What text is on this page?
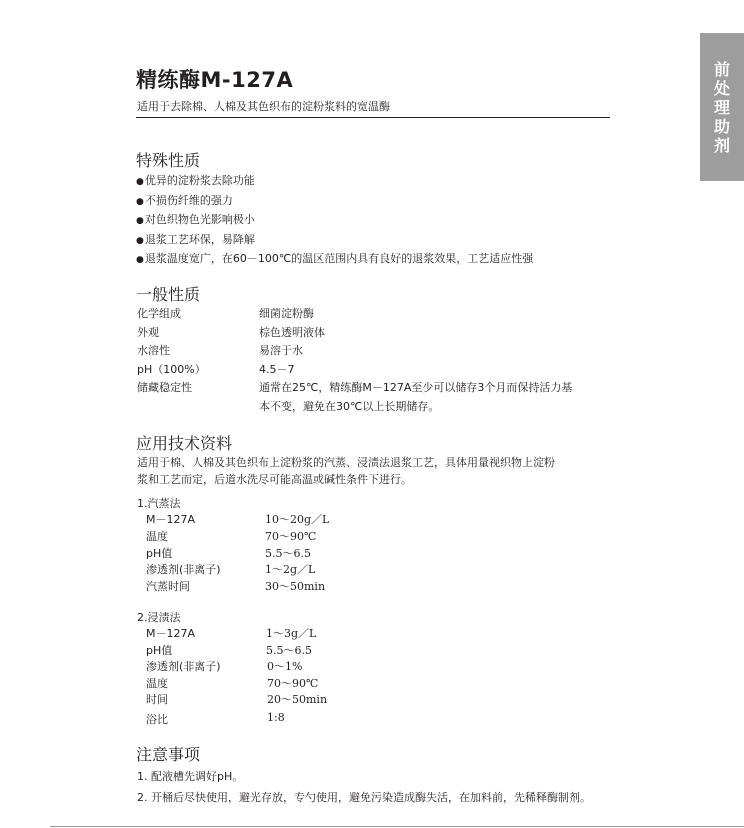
前
处
理
助
剂
精练酶M-127A
适用于去除棉、人棉及其色织布的淀粉浆料的宽温酶
特殊性质
● 优异的淀粉浆去除功能
● 不损伤纤维的强力
● 对色织物色光影响极小
● 退浆工艺环保，易降解
● 退浆温度宽广，在60－100℃的温区范围内具有良好的退浆效果，工艺适应性强
一般性质
化学组成	细菌淀粉酶
外观	棕色透明液体
水溶性	易溶于水
pH（100%）	4.5－7
储藏稳定性	通常在25℃，精练酶M－127A至少可以储存3个月而保持活力基
本不变，避免在30℃以上长期储存。
应用技术资料
适用于棉、人棉及其色织布上淀粉浆的汽蒸、浸渍法退浆工艺，具体用量视织物上淀粉
浆和工艺而定，后道水洗尽可能高温或碱性条件下进行。
1.汽蒸法
M－127A	10～20g／L
温度	70～90℃
pH值	5.5～6.5
渗透剂(非离子)	1～2g／L
汽蒸时间	30～50min
2.浸渍法
M－127A	1～3g／L
pH值	5.5～6.5
渗透剂(非离子)	0～1%
温度	70～90℃
时间	20～50min
浴比	1:8
注意事项
1. 配液槽先调好pH。
2. 开桶后尽快使用，避光存放，专勺使用，避免污染造成酶失活，在加料前，先稀释酶制剂。
